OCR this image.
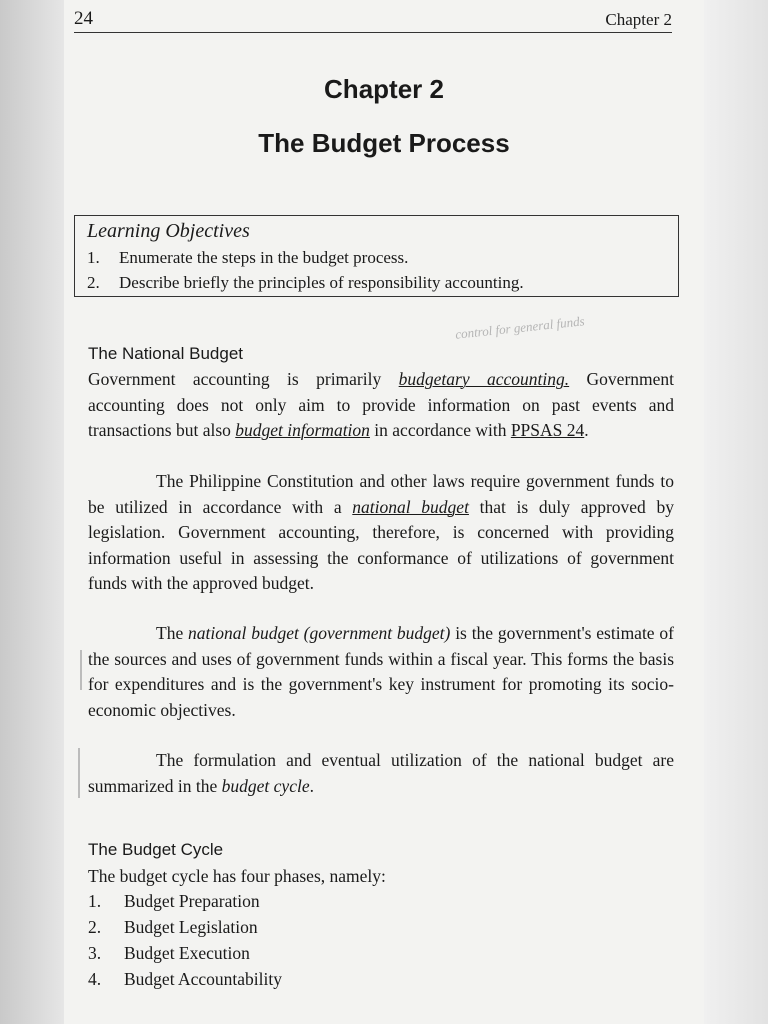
24	Chapter 2
Chapter 2
The Budget Process
Learning Objectives
1. Enumerate the steps in the budget process.
2. Describe briefly the principles of responsibility accounting.
control for general funds
The National Budget
Government accounting is primarily budgetary accounting. Government accounting does not only aim to provide information on past events and transactions but also budget information in accordance with PPSAS 24.
The Philippine Constitution and other laws require government funds to be utilized in accordance with a national budget that is duly approved by legislation. Government accounting, therefore, is concerned with providing information useful in assessing the conformance of utilizations of government funds with the approved budget.
The national budget (government budget) is the government's estimate of the sources and uses of government funds within a fiscal year. This forms the basis for expenditures and is the government's key instrument for promoting its socio-economic objectives.
The formulation and eventual utilization of the national budget are summarized in the budget cycle.
The Budget Cycle
The budget cycle has four phases, namely:
1. Budget Preparation
2. Budget Legislation
3. Budget Execution
4. Budget Accountability
